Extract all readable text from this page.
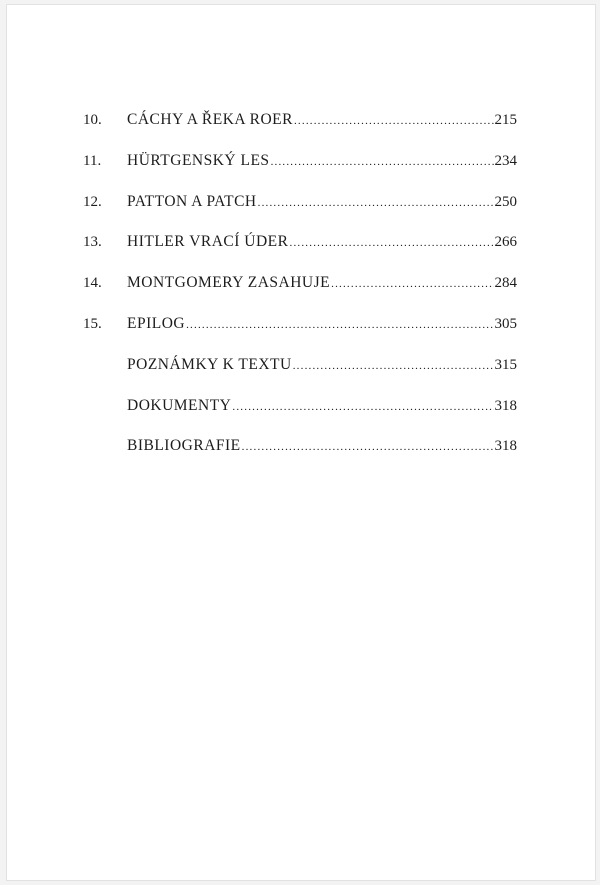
10.	CÁCHY A ŘEKA ROER .....	215
11.	HÜRTGENSKÝ LES .....	234
12.	PATTON A PATCH .....	250
13.	HITLER VRACÍ ÚDER .....	266
14.	MONTGOMERY ZASAHUJE .....	284
15.	EPILOG .....	305
POZNÁMKY K TEXTU .....	315
DOKUMENTY .....	318
BIBLIOGRAFIE .....	318
